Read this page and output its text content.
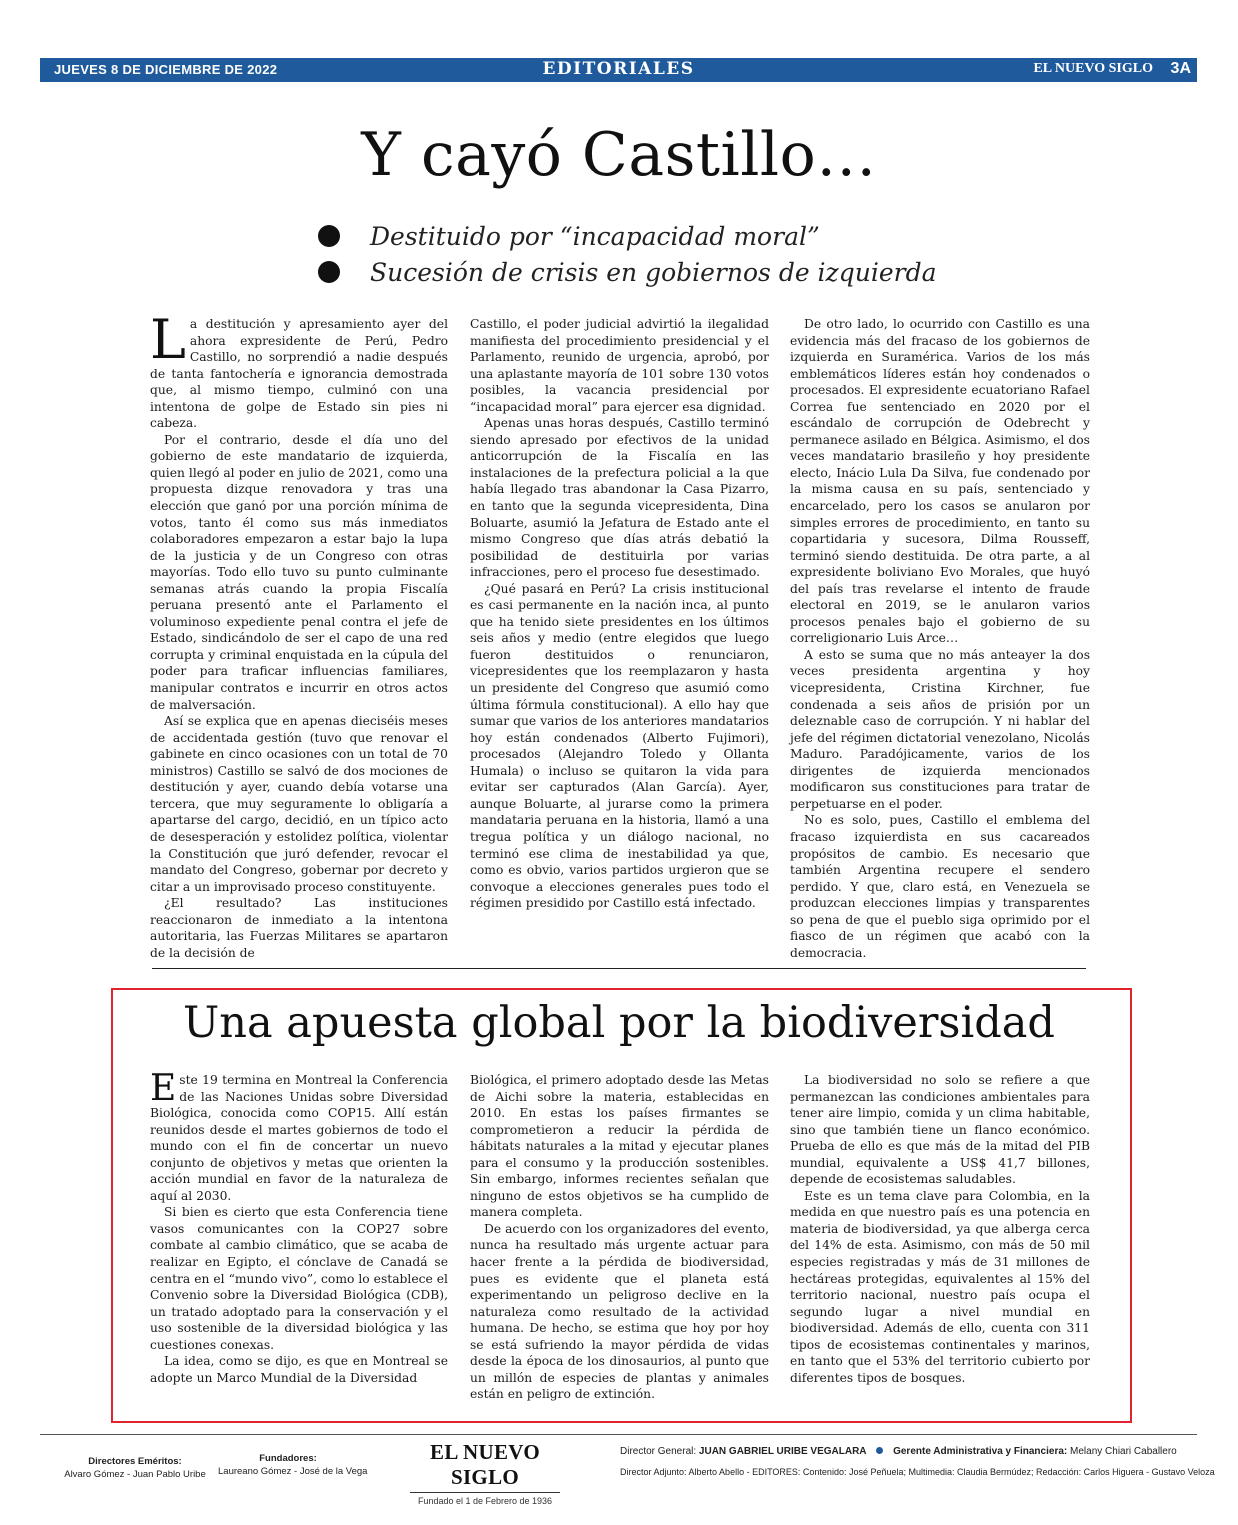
JUEVES 8 DE DICIEMBRE DE 2022	EDITORIALES	EL NUEVO SIGLO 3A
Y cayó Castillo…
Destituido por “incapacidad moral”
Sucesión de crisis en gobiernos de izquierda

La destitución y apresamiento ayer del ahora expresidente de Perú, Pedro Castillo, no sorprendió a nadie después de tanta fantochería e ignorancia demostrada que, al mismo tiempo, culminó con una intentona de golpe de Estado sin pies ni cabeza.

Por el contrario, desde el día uno del gobierno de este mandatario de izquierda, quien llegó al poder en julio de 2021, como una propuesta dizque renovadora y tras una elección que ganó por una porción mínima de votos, tanto él como sus más inmediatos colaboradores empezaron a estar bajo la lupa de la justicia y de un Congreso con otras mayorías. Todo ello tuvo su punto culminante semanas atrás cuando la propia Fiscalía peruana presentó ante el Parlamento el voluminoso expediente penal contra el jefe de Estado, sindicándolo de ser el capo de una red corrupta y criminal enquistada en la cúpula del poder para traficar influencias familiares, manipular contratos e incurrir en otros actos de malversación.

Así se explica que en apenas dieciséis meses de accidentada gestión (tuvo que renovar el gabinete en cinco ocasiones con un total de 70 ministros) Castillo se salvó de dos mociones de destitución y ayer, cuando debía votarse una tercera, que muy seguramente lo obligaría a apartarse del cargo, decidió, en un típico acto de desesperación y estolidez política, violentar la Constitución que juró defender, revocar el mandato del Congreso, gobernar por decreto y citar a un improvisado proceso constituyente.

¿El resultado? Las instituciones reaccionaron de inmediato a la intentona autoritaria, las Fuerzas Militares se apartaron de la decisión de

Castillo, el poder judicial advirtió la ilegalidad manifiesta del procedimiento presidencial y el Parlamento, reunido de urgencia, aprobó, por una aplastante mayoría de 101 sobre 130 votos posibles, la vacancia presidencial por “incapacidad moral” para ejercer esa dignidad.

Apenas unas horas después, Castillo terminó siendo apresado por efectivos de la unidad anticorrupción de la Fiscalía en las instalaciones de la prefectura policial a la que había llegado tras abandonar la Casa Pizarro, en tanto que la segunda vicepresidenta, Dina Boluarte, asumió la Jefatura de Estado ante el mismo Congreso que días atrás debatió la posibilidad de destituirla por varias infracciones, pero el proceso fue desestimado.

¿Qué pasará en Perú? La crisis institucional es casi permanente en la nación inca, al punto que ha tenido siete presidentes en los últimos seis años y medio (entre elegidos que luego fueron destituidos o renunciaron, vicepresidentes que los reemplazaron y hasta un presidente del Congreso que asumió como última fórmula constitucional). A ello hay que sumar que varios de los anteriores mandatarios hoy están condenados (Alberto Fujimori), procesados (Alejandro Toledo y Ollanta Humala) o incluso se quitaron la vida para evitar ser capturados (Alan García). Ayer, aunque Boluarte, al jurarse como la primera mandataria peruana en la historia, llamó a una tregua política y un diálogo nacional, no terminó ese clima de inestabilidad ya que, como es obvio, varios partidos urgieron que se convoque a elecciones generales pues todo el régimen presidido por Castillo está infectado.

De otro lado, lo ocurrido con Castillo es una evidencia más del fracaso de los gobiernos de izquierda en Suramérica. Varios de los más emblemáticos líderes están hoy condenados o procesados. El expresidente ecuatoriano Rafael Correa fue sentenciado en 2020 por el escándalo de corrupción de Odebrecht y permanece asilado en Bélgica. Asimismo, el dos veces mandatario brasileño y hoy presidente electo, Inácio Lula Da Silva, fue condenado por la misma causa en su país, sentenciado y encarcelado, pero los casos se anularon por simples errores de procedimiento, en tanto su copartidaria y sucesora, Dilma Rousseff, terminó siendo destituida. De otra parte, a al expresidente boliviano Evo Morales, que huyó del país tras revelarse el intento de fraude electoral en 2019, se le anularon varios procesos penales bajo el gobierno de su correligionario Luis Arce…

A esto se suma que no más anteayer la dos veces presidenta argentina y hoy vicepresidenta, Cristina Kirchner, fue condenada a seis años de prisión por un deleznable caso de corrupción. Y ni hablar del jefe del régimen dictatorial venezolano, Nicolás Maduro. Paradójicamente, varios de los dirigentes de izquierda mencionados modificaron sus constituciones para tratar de perpetuarse en el poder.

No es solo, pues, Castillo el emblema del fracaso izquierdista en sus cacareados propósitos de cambio. Es necesario que también Argentina recupere el sendero perdido. Y que, claro está, en Venezuela se produzcan elecciones limpias y transparentes so pena de que el pueblo siga oprimido por el fiasco de un régimen que acabó con la democracia.

Una apuesta global por la biodiversidad

Este 19 termina en Montreal la Conferencia de las Naciones Unidas sobre Diversidad Biológica, conocida como COP15. Allí están reunidos desde el martes gobiernos de todo el mundo con el fin de concertar un nuevo conjunto de objetivos y metas que orienten la acción mundial en favor de la naturaleza de aquí al 2030.

Si bien es cierto que esta Conferencia tiene vasos comunicantes con la COP27 sobre combate al cambio climático, que se acaba de realizar en Egipto, el cónclave de Canadá se centra en el “mundo vivo”, como lo establece el Convenio sobre la Diversidad Biológica (CDB), un tratado adoptado para la conservación y el uso sostenible de la diversidad biológica y las cuestiones conexas.

La idea, como se dijo, es que en Montreal se adopte un Marco Mundial de la Diversidad

Biológica, el primero adoptado desde las Metas de Aichi sobre la materia, establecidas en 2010. En estas los países firmantes se comprometieron a reducir la pérdida de hábitats naturales a la mitad y ejecutar planes para el consumo y la producción sostenibles. Sin embargo, informes recientes señalan que ninguno de estos objetivos se ha cumplido de manera completa.

De acuerdo con los organizadores del evento, nunca ha resultado más urgente actuar para hacer frente a la pérdida de biodiversidad, pues es evidente que el planeta está experimentando un peligroso declive en la naturaleza como resultado de la actividad humana. De hecho, se estima que hoy por hoy se está sufriendo la mayor pérdida de vidas desde la época de los dinosaurios, al punto que un millón de especies de plantas y animales están en peligro de extinción.

La biodiversidad no solo se refiere a que permanezcan las condiciones ambientales para tener aire limpio, comida y un clima habitable, sino que también tiene un flanco económico. Prueba de ello es que más de la mitad del PIB mundial, equivalente a US$ 41,7 billones, depende de ecosistemas saludables.

Este es un tema clave para Colombia, en la medida en que nuestro país es una potencia en materia de biodiversidad, ya que alberga cerca del 14% de esta. Asimismo, con más de 50 mil especies registradas y más de 31 millones de hectáreas protegidas, equivalentes al 15% del territorio nacional, nuestro país ocupa el segundo lugar a nivel mundial en biodiversidad. Además de ello, cuenta con 311 tipos de ecosistemas continentales y marinos, en tanto que el 53% del territorio cubierto por diferentes tipos de bosques.

Directores Eméritos:
Alvaro Gómez - Juan Pablo Uribe
Fundadores:
Laureano Gómez - José de la Vega
EL NUEVO SIGLO
Fundado el 1 de Febrero de 1936
Director General: JUAN GABRIEL URIBE VEGALARA	Gerente Administrativa y Financiera: Melany Chiari Caballero
Director Adjunto: Alberto Abello - EDITORES: Contenido: José Peñuela; Multimedia: Claudia Bermúdez; Redacción: Carlos Higuera - Gustavo Veloza
